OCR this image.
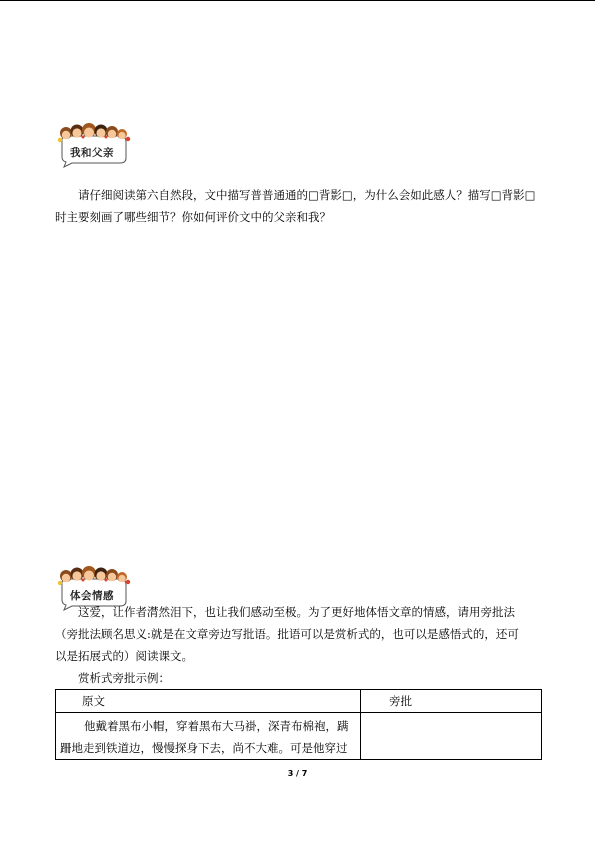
我和父亲

请仔细阅读第六自然段，文中描写普普通通的□背影□，为什么会如此感人？描写□背影□

时主要刻画了哪些细节？你如何评价文中的父亲和我？

体会情感

这爱，让作者潸然泪下，也让我们感动至极。为了更好地体悟文章的情感，请用旁批法

（旁批法顾名思义:就是在文章旁边写批语。批语可以是赏析式的，也可以是感悟式的，还可

以是拓展式的）阅读课文。

赏析式旁批示例：

原文	旁批

他戴着黑布小帽，穿着黑布大马褂，深青布棉袍，蹒
跚地走到铁道边，慢慢探身下去，尚不大难。可是他穿过	

3 / 7
